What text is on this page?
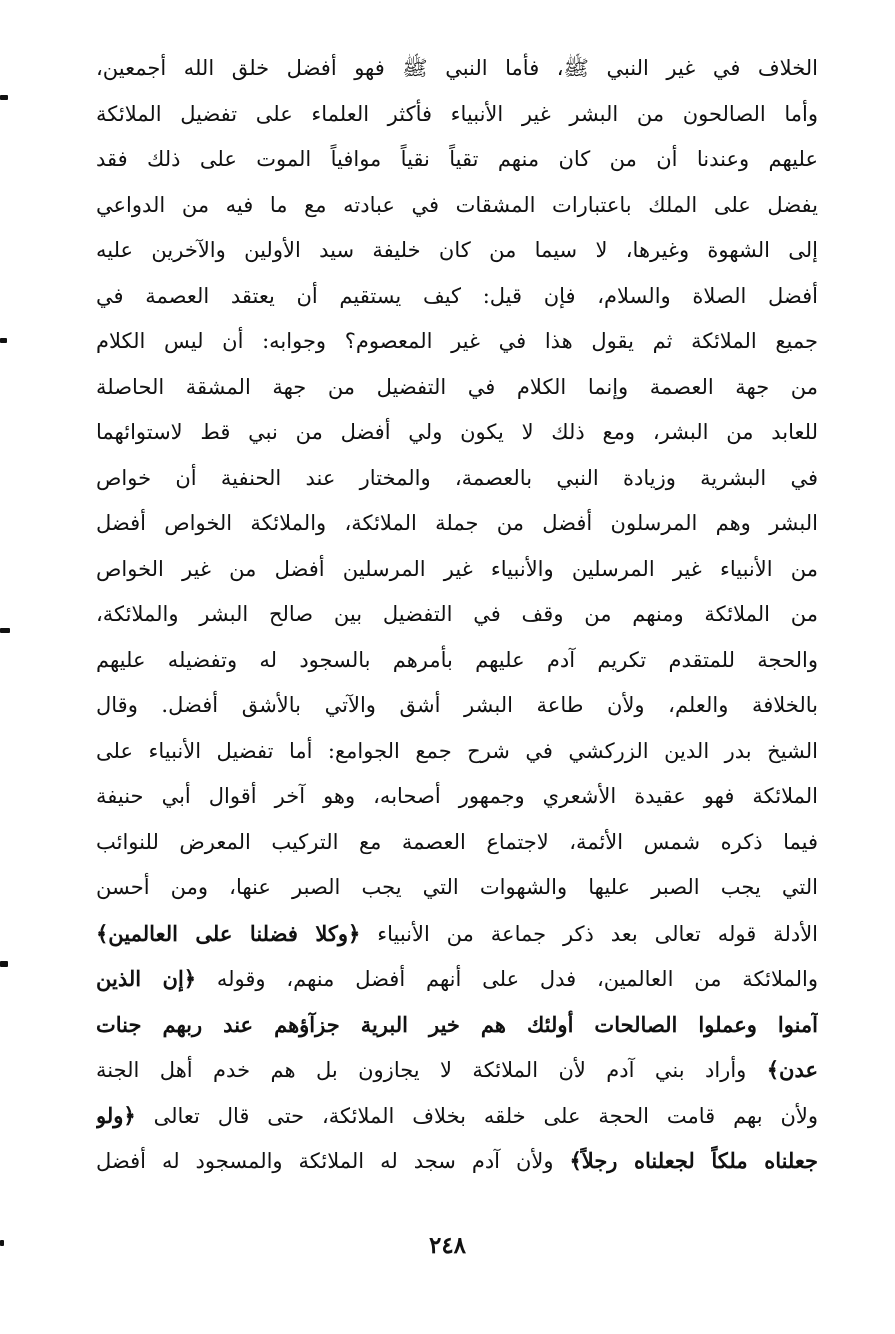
الخلاف في غير النبي ﷺ، فأما النبي ﷺ فهو أفضل خلق الله أجمعين،
وأما الصالحون من البشر غير الأنبياء فأكثر العلماء على تفضيل الملائكة
عليهم وعندنا أن من كان منهم تقياً نقياً موافياً الموت على ذلك فقد
يفضل على الملك باعتبارات المشقات في عبادته مع ما فيه من الدواعي
إلى الشهوة وغيرها، لا سيما من كان خليفة سيد الأولين والآخرين عليه
أفضل الصلاة والسلام، فإن قيل: كيف يستقيم أن يعتقد العصمة في
جميع الملائكة ثم يقول هذا في غير المعصوم؟ وجوابه: أن ليس الكلام
من جهة العصمة وإنما الكلام في التفضيل من جهة المشقة الحاصلة
للعابد من البشر، ومع ذلك لا يكون ولي أفضل من نبي قط لاستوائهما
في البشرية وزيادة النبي بالعصمة، والمختار عند الحنفية أن خواص
البشر وهم المرسلون أفضل من جملة الملائكة، والملائكة الخواص أفضل
من الأنبياء غير المرسلين والأنبياء غير المرسلين أفضل من غير الخواص
من الملائكة ومنهم من وقف في التفضيل بين صالح البشر والملائكة،
والحجة للمتقدم تكريم آدم عليهم بأمرهم بالسجود له وتفضيله عليهم
بالخلافة والعلم، ولأن طاعة البشر أشق والآتي بالأشق أفضل. وقال
الشيخ بدر الدين الزركشي في شرح جمع الجوامع: أما تفضيل الأنبياء على
الملائكة فهو عقيدة الأشعري وجمهور أصحابه، وهو آخر أقوال أبي حنيفة
فيما ذكره شمس الأئمة، لاجتماع العصمة مع التركيب المعرض للنوائب
التي يجب الصبر عليها والشهوات التي يجب الصبر عنها، ومن أحسن
الأدلة قوله تعالى بعد ذكر جماعة من الأنبياء ﴿وكلا فضلنا على العالمين﴾
والملائكة من العالمين، فدل على أنهم أفضل منهم، وقوله ﴿إن الذين
آمنوا وعملوا الصالحات أولئك هم خير البرية جزآؤهم عند ربهم جنات
عدن﴾ وأراد بني آدم لأن الملائكة لا يجازون بل هم خدم أهل الجنة
ولأن بهم قامت الحجة على خلقه بخلاف الملائكة، حتى قال تعالى ﴿ولو
جعلناه ملكاً لجعلناه رجلاً﴾ ولأن آدم سجد له الملائكة والمسجود له أفضل
٢٤٨
